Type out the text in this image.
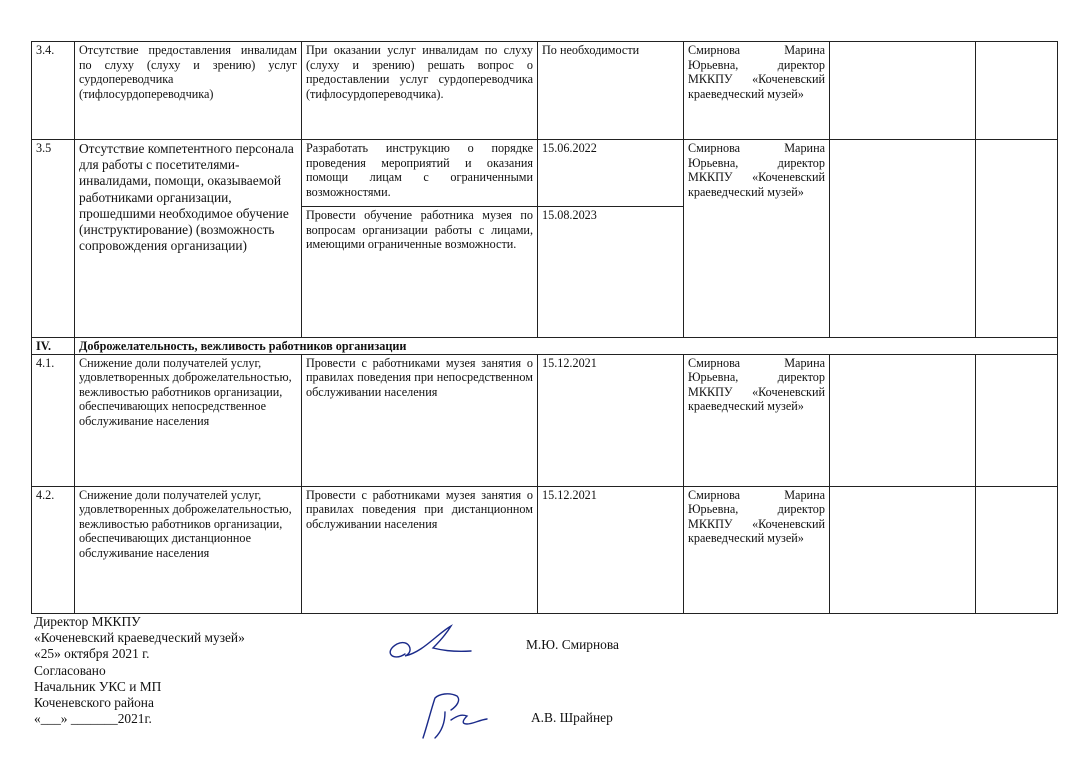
3.4.	Отсутствие предоставления инвалидам по слуху (слуху и зрению) услуг сурдопереводчика (тифлосурдопереводчика)	При оказании услуг инвалидам по слуху (слуху и зрению) решать вопрос о предоставлении услуг сурдопереводчика (тифлосурдопереводчика).	По необходимости	Смирнова Марина Юрьевна, директор МККПУ «Коченевский краеведческий музей»		
3.5	Отсутствие компетентного персонала для работы с посетителями-инвалидами, помощи, оказываемой работниками организации, прошедшими необходимое обучение (инструктирование) (возможность сопровождения организации)	Разработать инструкцию о порядке проведения мероприятий и оказания помощи лицам с ограниченными возможностями.	15.06.2022	Смирнова Марина Юрьевна, директор МККПУ «Коченевский краеведческий музей»		
		Провести обучение работника музея по вопросам организации работы с лицами, имеющими ограниченные возможности.	15.08.2023			
IV.	Доброжелательность, вежливость работников организации					
4.1.	Снижение доли получателей услуг, удовлетворенных доброжелательностью, вежливостью работников организации, обеспечивающих непосредственное обслуживание населения	Провести с работниками музея занятия о правилах поведения при непосредственном обслуживании населения	15.12.2021	Смирнова Марина Юрьевна, директор МККПУ «Коченевский краеведческий музей»		
4.2.	Снижение доли получателей услуг, удовлетворенных доброжелательностью, вежливостью работников организации, обеспечивающих дистанционное обслуживание населения	Провести с работниками музея занятия о правилах поведения при дистанционном обслуживании населения	15.12.2021	Смирнова Марина Юрьевна, директор МККПУ «Коченевский краеведческий музей»		
Директор МККПУ
«Коченевский краеведческий музей»
«25» октября 2021 г.
Согласовано
Начальник УКС и МП
Коченевского района
«___» _______2021г.
М.Ю. Смирнова
А.В. Шрайнер
